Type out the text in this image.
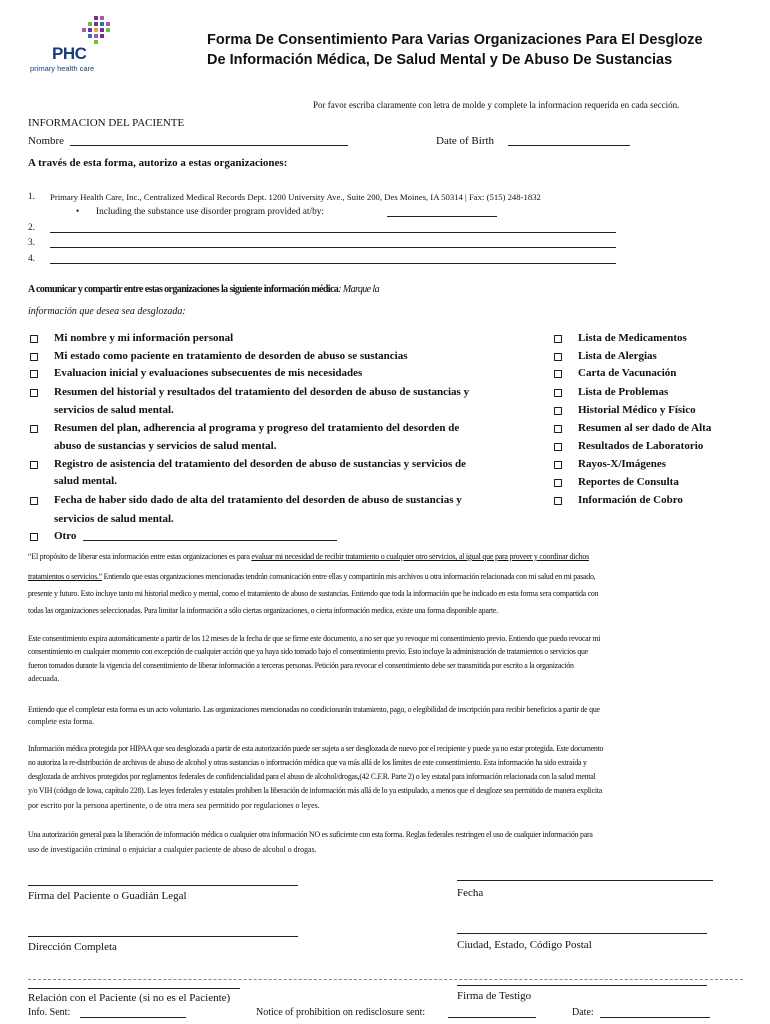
PHC
primary health care
Forma De Consentimiento Para Varias Organizaciones Para El Desgloze
De Información Médica, De Salud Mental y De Abuso De Sustancias
Por favor escriba claramente con letra de molde y complete la informacion requerida en cada sección.
INFORMACION DEL PACIENTE
Nombre	Date of Birth
A través de esta forma, autorizo a estas organizaciones:
1. Primary Health Care, Inc., Centralized Medical Records Dept. 1200 University Ave., Suite 200, Des Moines, IA 50314 | Fax: (515) 248-1832
• Including the substance use disorder program provided at/by:
2.
3.
4.
A comunicar y compartir entre estas organizaciones la siguiente información médica: Marque la
información que desea sea desglozada:
Mi nombre y mi información personal
Mi estado como paciente en tratamiento de desorden de abuso se sustancias
Evaluacion inicial y evaluaciones subsecuentes de mis necesidades
Resumen del historial y resultados del tratamiento del desorden de abuso de sustancias y
servicios de salud mental.
Resumen del plan, adherencia al programa y progreso del tratamiento del desorden de
abuso de sustancias y servicios de salud mental.
Registro de asistencia del tratamiento del desorden de abuso de sustancias y servicios de
salud mental.
Fecha de haber sido dado de alta del tratamiento del desorden de abuso de sustancias y
servicios de salud mental.
Otro
Lista de Medicamentos
Lista de Alergias
Carta de Vacunación
Lista de Problemas
Historial Médico y Físico
Resumen al ser dado de Alta
Resultados de Laboratorio
Rayos-X/Imágenes
Reportes de Consulta
Información de Cobro
“El propósito de liberar esta información entre estas organizaciones es para evaluar mi necesidad de recibir tratamiento o cualquier otro servicios, al igual que para proveer y coordinar dichos
tratamientos o servicios.” Entiendo que estas organizaciones mencionadas tendrán comunicación entre ellas y compartirán mis archivos u otra información relacionada con mi salud en mi pasado,
presente y futuro. Esto incluye tanto mi historial medico y mental, como el tratamiento de abuso de sustancias. Entiendo que toda la información que he indicado en esta forma sera compartida con
todas las organizaciones seleccionadas. Para limitar la información a sólo ciertas organizaciones, o cierta información medica, existe una forma disponible aparte.
Este consentimiento expira automáticamente a partir de los 12 meses de la fecha de que se firme este documento, a no ser que yo revoque mi consentimiento previo. Entiendo que puedo revocar mi
consentimiento en cualquier momento con excepción de cualquier acción que ya haya sido tomado bajo el consentimiento previo. Esto incluye la administración de tratamientos o servicios que
fueron tomados durante la vigencia del consentimiento de liberar información a terceras personas. Petición para revocar el consentimiento debe ser transmitida por escrito a la organización
adecuada.
Entiendo que el completar esta forma es un acto voluntario. Las organizaciones mencionadas no condicionarán tratamiento, pago, o elegibilidad de inscripción para recibir beneficios a partir de que
complete esta forma.
Información médica protegida por HIPAA que sea desglozada a partir de esta autorización puede ser sujeta a ser desglozada de nuevo por el recipiente y puede ya no estar protegida. Este documento
no autoriza la re-distribución de archivos de abuso de alcohol y otras sustancias o información médica que va más allá de los límites de este consentimiento. Esta información ha sido extraída y
desglozada de archivos protegidos por reglamentos federales de confidencialidad para el abuso de alcohol/drogas,(42 C.F.R. Parte 2) o ley estatal para información relacionada con la salud mental
y/o VIH (código de Iowa, capítulo 228). Las leyes federales y estatales prohíben la liberación de información más allá de lo ya estipulado, a menos que el desgloze sea permitido de manera explicita
por escrito por la persona apertinente, o de otra mera sea permitido por regulaciones o leyes.
Una autorización general para la liberación de información médica o cualquier otra información NO es suficiente con esta forma. Reglas federales restringen el uso de cualquier información para
uso de investigación criminal o enjuiciar a cualquier paciente de abuso de alcohol o drogas.
Firma del Paciente o Guadián Legal	Fecha
Dirección Completa	Ciudad, Estado, Código Postal
Relación con el Paciente (si no es el Paciente)	Firma de Testigo
Info. Sent:	Notice of prohibition on redisclosure sent:	Date:
